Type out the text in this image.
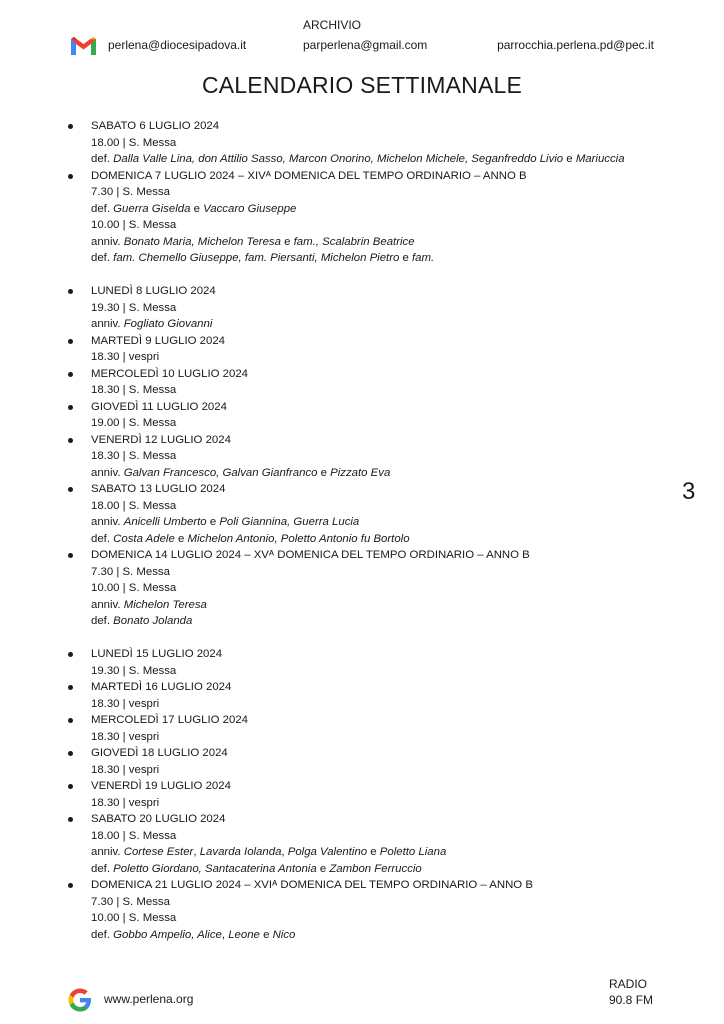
ARCHIVIO
perlena@diocesipadova.it	parperlena@gmail.com	parrocchia.perlena.pd@pec.it
CALENDARIO SETTIMANALE
3
SABATO 6 LUGLIO 2024
18.00 | S. Messa
def. Dalla Valle Lina, don Attilio Sasso, Marcon Onorino, Michelon Michele, Seganfreddo Livio e Mariuccia
DOMENICA 7 LUGLIO 2024 – XIVᴬ DOMENICA DEL TEMPO ORDINARIO – ANNO B
7.30 | S. Messa
def. Guerra Giselda e Vaccaro Giuseppe
10.00 | S. Messa
anniv. Bonato Maria, Michelon Teresa e fam., Scalabrin Beatrice
def. fam. Chemello Giuseppe, fam. Piersanti, Michelon Pietro e fam.
LUNEDÌ 8 LUGLIO 2024
19.30 | S. Messa
anniv. Fogliato Giovanni
MARTEDÌ 9 LUGLIO 2024
18.30 | vespri
MERCOLEDÌ 10 LUGLIO 2024
18.30 | S. Messa
GIOVEDÌ 11 LUGLIO 2024
19.00 | S. Messa
VENERDÌ 12 LUGLIO 2024
18.30 | S. Messa
anniv. Galvan Francesco, Galvan Gianfranco e Pizzato Eva
SABATO 13 LUGLIO 2024
18.00 | S. Messa
anniv. Anicelli Umberto e Poli Giannina, Guerra Lucia
def. Costa Adele e Michelon Antonio, Poletto Antonio fu Bortolo
DOMENICA 14 LUGLIO 2024 – XVᴬ DOMENICA DEL TEMPO ORDINARIO – ANNO B
7.30 | S. Messa
10.00 | S. Messa
anniv. Michelon Teresa
def. Bonato Jolanda
LUNEDÌ 15 LUGLIO 2024
19.30 | S. Messa
MARTEDÌ 16 LUGLIO 2024
18.30 | vespri
MERCOLEDÌ 17 LUGLIO 2024
18.30 | vespri
GIOVEDÌ 18 LUGLIO 2024
18.30 | vespri
VENERDÌ 19 LUGLIO 2024
18.30 | vespri
SABATO 20 LUGLIO 2024
18.00 | S. Messa
anniv. Cortese Ester, Lavarda Iolanda, Polga Valentino e Poletto Liana
def. Poletto Giordano, Santacaterina Antonia e Zambon Ferruccio
DOMENICA 21 LUGLIO 2024 – XVIᴬ DOMENICA DEL TEMPO ORDINARIO – ANNO B
7.30 | S. Messa
10.00 | S. Messa
def. Gobbo Ampelio, Alice, Leone e Nico
www.perlena.org
RADIO
90.8 FM
